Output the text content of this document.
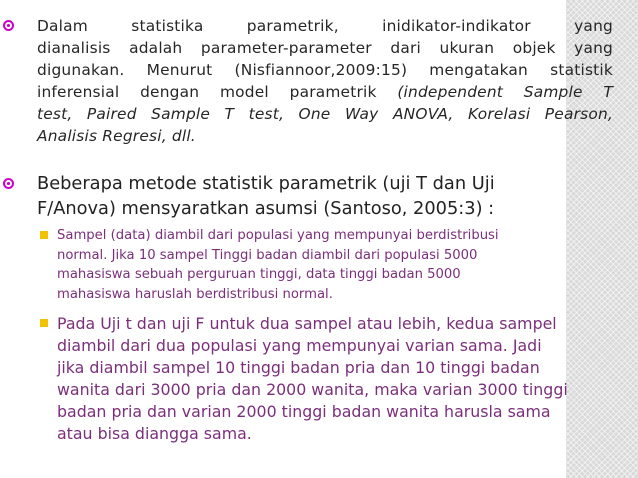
Dalam statistika parametrik, inidikator-indikator yang
dianalisis adalah parameter-parameter dari ukuran objek yang
digunakan. Menurut (Nisfiannoor,2009:15) mengatakan statistik
inferensial dengan model parametrik (independent Sample T
test, Paired Sample T test, One Way ANOVA, Korelasi Pearson,
Analisis Regresi, dll.
Beberapa metode statistik parametrik (uji T dan Uji
F/Anova) mensyaratkan asumsi (Santoso, 2005:3) :
Sampel (data) diambil dari populasi yang mempunyai berdistribusi
normal. Jika 10 sampel Tinggi badan diambil dari populasi 5000
mahasiswa sebuah perguruan tinggi, data tinggi badan 5000
mahasiswa haruslah berdistribusi normal.
Pada Uji t dan uji F untuk dua sampel atau lebih, kedua sampel
diambil dari dua populasi yang mempunyai varian sama. Jadi
jika diambil sampel 10 tinggi badan pria dan 10 tinggi badan
wanita dari 3000 pria dan 2000 wanita, maka varian 3000 tinggi
badan pria dan varian 2000 tinggi badan wanita harusla sama
atau bisa diangga sama.
